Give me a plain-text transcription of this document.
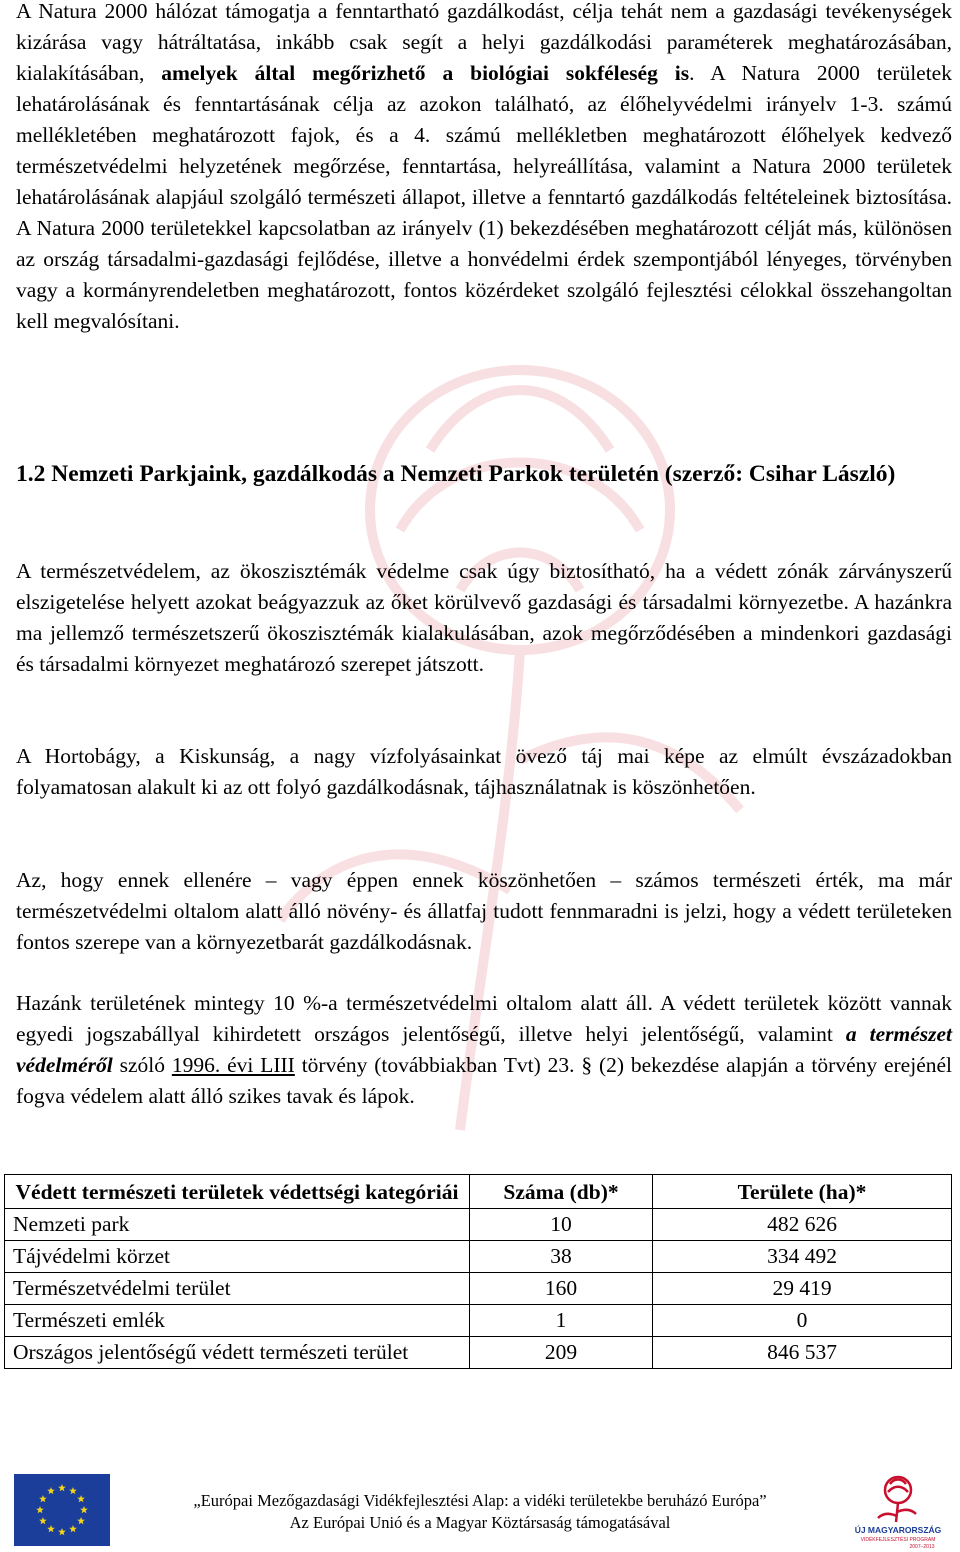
A Natura 2000 hálózat támogatja a fenntartható gazdálkodást, célja tehát nem a gazdasági tevékenységek kizárása vagy hátráltatása, inkább csak segít a helyi gazdálkodási paraméterek meghatározásában, kialakításában, amelyek által megőrizhető a biológiai sokféleség is. A Natura 2000 területek lehatárolásának és fenntartásának célja az azokon található, az élőhelyvédelmi irányelv 1-3. számú mellékletében meghatározott fajok, és a 4. számú mellékletben meghatározott élőhelyek kedvező természetvédelmi helyzetének megőrzése, fenntartása, helyreállítása, valamint a Natura 2000 területek lehatárolásának alapjául szolgáló természeti állapot, illetve a fenntartó gazdálkodás feltételeinek biztosítása. A Natura 2000 területekkel kapcsolatban az irányelv (1) bekezdésében meghatározott célját más, különösen az ország társadalmi-gazdasági fejlődése, illetve a honvédelmi érdek szempontjából lényeges, törvényben vagy a kormányrendeletben meghatározott, fontos közérdeket szolgáló fejlesztési célokkal összehangoltan kell megvalósítani.

1.2 Nemzeti Parkjaink, gazdálkodás a Nemzeti Parkok területén (szerző: Csihar László)

A természetvédelem, az ökoszisztémák védelme csak úgy biztosítható, ha a védett zónák zárványszerű elszigetelése helyett azokat beágyazzuk az őket körülvevő gazdasági és társadalmi környezetbe. A hazánkra ma jellemző természetszerű ökoszisztémák kialakulásában, azok megőrződésében a mindenkori gazdasági és társadalmi környezet meghatározó szerepet játszott.

A Hortobágy, a Kiskunság, a nagy vízfolyásainkat övező táj mai képe az elmúlt évszázadokban folyamatosan alakult ki az ott folyó gazdálkodásnak, tájhasználatnak is köszönhetően.

Az, hogy ennek ellenére – vagy éppen ennek köszönhetően – számos természeti érték, ma már természetvédelmi oltalom alatt álló növény- és állatfaj tudott fennmaradni is jelzi, hogy a védett területeken fontos szerepe van a környezetbarát gazdálkodásnak.

Hazánk területének mintegy 10 %-a természetvédelmi oltalom alatt áll. A védett területek között vannak egyedi jogszabállyal kihirdetett országos jelentőségű, illetve helyi jelentőségű, valamint a természet védelméről szóló 1996. évi LIII törvény (továbbiakban Tvt) 23. § (2) bekezdése alapján a törvény erejénél fogva védelem alatt álló szikes tavak és lápok.

Védett természeti területek védettségi kategóriái	Száma (db)*	Területe (ha)*
Nemzeti park	10	482 626
Tájvédelmi körzet	38	334 492
Természetvédelmi terület	160	29 419
Természeti emlék	1	0
Országos jelentőségű védett természeti terület	209	846 537
„Európai Mezőgazdasági Vidékfejlesztési Alap: a vidéki területekbe beruházó Európa”
Az Európai Unió és a Magyar Köztársaság támogatásával	ÚJ MAGYARORSZÁG
VIDÉKFEJLESZTÉSI PROGRAM
2007–2013
